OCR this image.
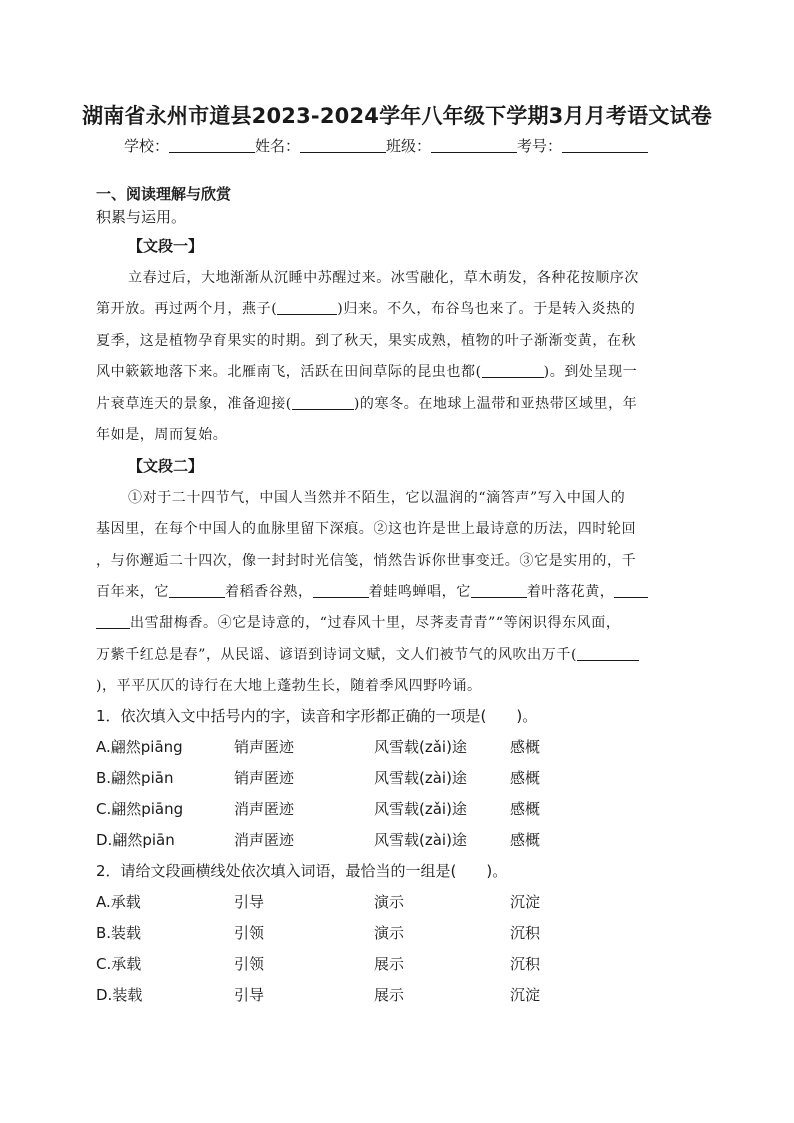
湖南省永州市道县2023-2024学年八年级下学期3月月考语文试卷
学校：	姓名：	班级：	考号：
一、阅读理解与欣赏
积累与运用。
【文段一】
立春过后，大地渐渐从沉睡中苏醒过来。冰雪融化，草木萌发，各种花按顺序次
第开放。再过两个月，燕子(	)归来。不久，布谷鸟也来了。于是转入炎热的
夏季，这是植物孕育果实的时期。到了秋天，果实成熟，植物的叶子渐渐变黄，在秋
风中簌簌地落下来。北雁南飞，活跃在田间草际的昆虫也都(	)。到处呈现一
片衰草连天的景象，准备迎接(	)的寒冬。在地球上温带和亚热带区域里，年
年如是，周而复始。
【文段二】
①对于二十四节气，中国人当然并不陌生，它以温润的“滴答声”写入中国人的
基因里，在每个中国人的血脉里留下深痕。②这也许是世上最诗意的历法，四时轮回
，与你邂逅二十四次，像一封封时光信笺，悄然告诉你世事变迁。③它是实用的，千
百年来，它	着稻香谷熟，	着蛙鸣蝉唱，它	着叶落花黄，
出雪甜梅香。④它是诗意的，“过春风十里，尽荠麦青青”“等闲识得东风面，
万紫千红总是春”，从民谣、谚语到诗词文赋，文人们被节气的风吹出万千(
)，平平仄仄的诗行在大地上蓬勃生长，随着季风四野吟诵。
1．依次填入文中括号内的字，读音和字形都正确的一项是(　　)。
A.翩然piāng	销声匿迹	风雪载(zǎi)途	感概
B.翩然piān	销声匿迹	风雪载(zài)途	感概
C.翩然piāng	消声匿迹	风雪载(zǎi)途	感概
D.翩然piān	消声匿迹	风雪载(zài)途	感概
2．请给文段画横线处依次填入词语，最恰当的一组是(　　)。
A.承载	引导	演示	沉淀
B.装载	引领	演示	沉积
C.承载	引领	展示	沉积
D.装载	引导	展示	沉淀
